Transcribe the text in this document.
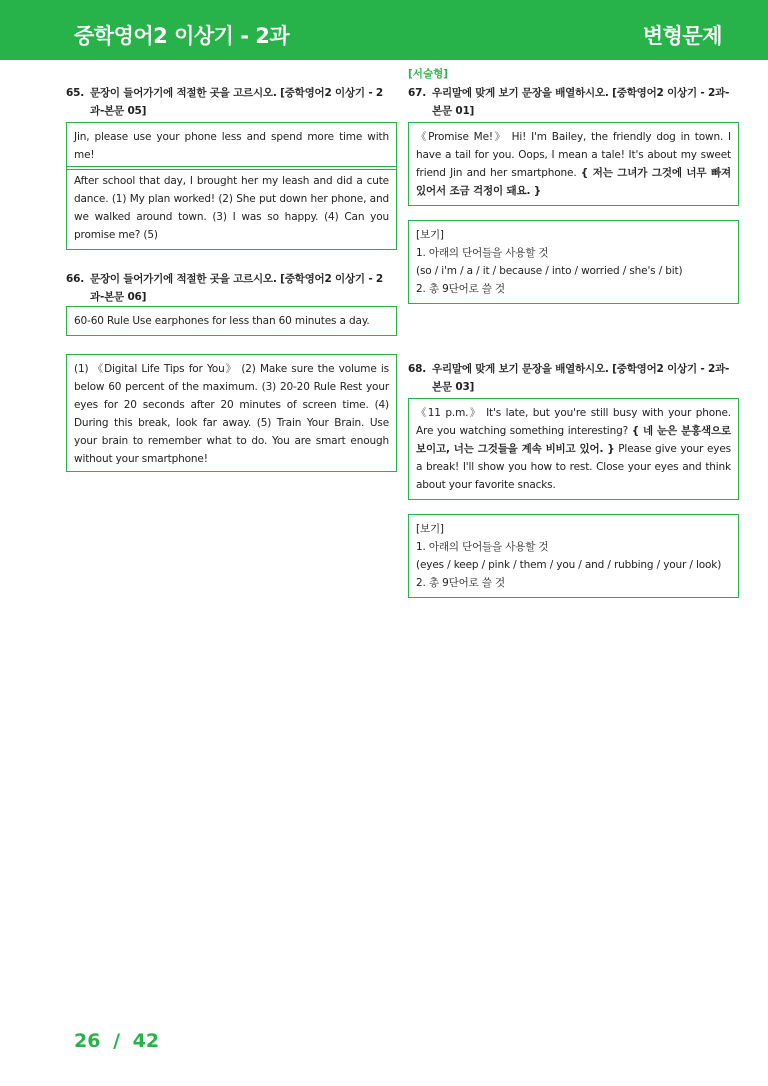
중학영어2 이상기 - 2과	변형문제
65. 문장이 들어가기에 적절한 곳을 고르시오. [중학영어2 이상기 - 2과-본문 05]
Jin, please use your phone less and spend more time with me!
After school that day, I brought her my leash and did a cute dance. (1) My plan worked! (2) She put down her phone, and we walked around town. (3) I was so happy. (4) Can you promise me? (5)
66. 문장이 들어가기에 적절한 곳을 고르시오. [중학영어2 이상기 - 2과-본문 06]
60-60 Rule Use earphones for less than 60 minutes a day.
(1) 《Digital Life Tips for You》 (2) Make sure the volume is below 60 percent of the maximum. (3) 20-20 Rule Rest your eyes for 20 seconds after 20 minutes of screen time. (4) During this break, look far away. (5) Train Your Brain. Use your brain to remember what to do. You are smart enough without your smartphone!
[서술형]
67. 우리말에 맞게 보기 문장을 배열하시오. [중학영어2 이상기 - 2과-본문 01]
《Promise Me!》 Hi! I'm Bailey, the friendly dog in town. I have a tail for you. Oops, I mean a tale! It's about my sweet friend Jin and her smartphone. { 저는 그녀가 그것에 너무 빠져 있어서 조금 걱정이 돼요. }
[보기]
1. 아래의 단어들을 사용할 것
(so / i'm / a / it / because / into / worried / she's / bit)
2. 총 9단어로 쓸 것
68. 우리말에 맞게 보기 문장을 배열하시오. [중학영어2 이상기 - 2과-본문 03]
《11 p.m.》 It's late, but you're still busy with your phone. Are you watching something interesting? { 네 눈은 분홍색으로 보이고, 너는 그것들을 계속 비비고 있어. } Please give your eyes a break! I'll show you how to rest. Close your eyes and think about your favorite snacks.
[보기]
1. 아래의 단어들을 사용할 것
(eyes / keep / pink / them / you / and / rubbing / your / look)
2. 총 9단어로 쓸 것
26 / 42
